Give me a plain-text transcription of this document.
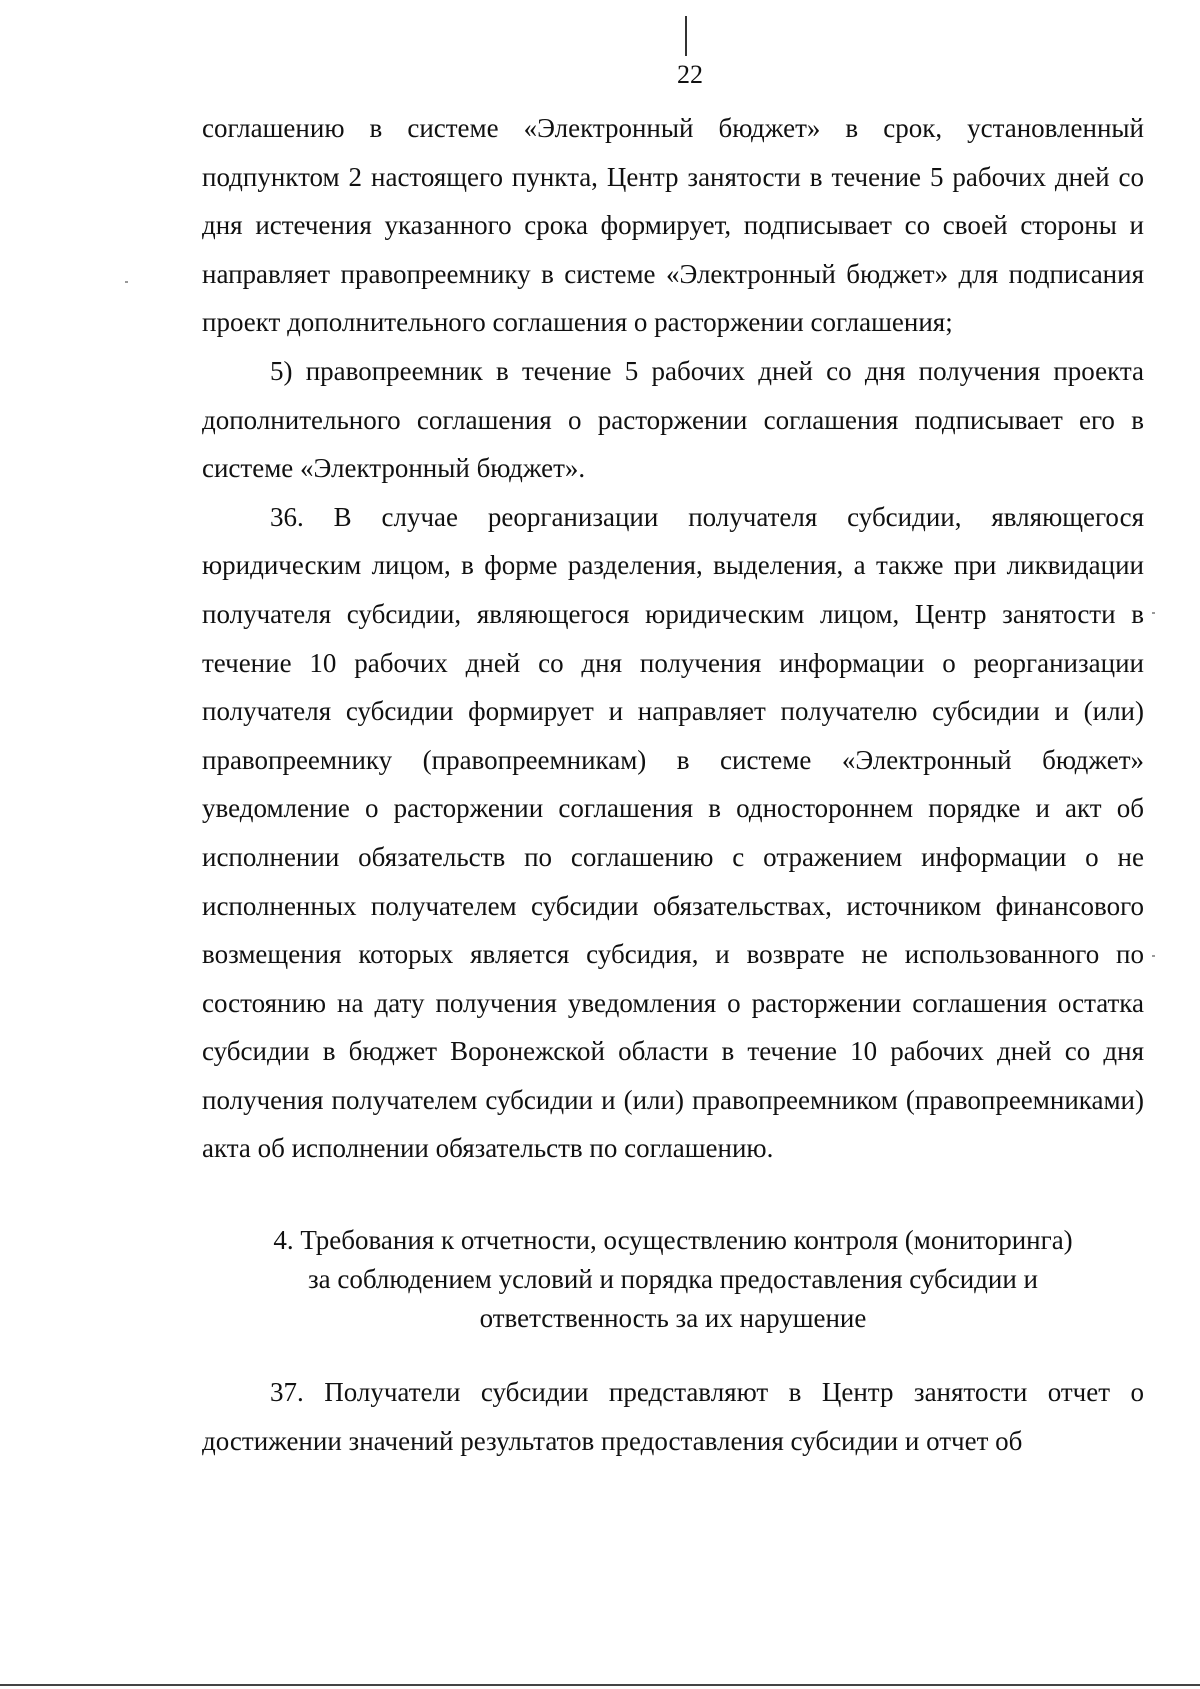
22

соглашению в системе «Электронный бюджет» в срок, установленный подпунктом 2 настоящего пункта, Центр занятости в течение 5 рабочих дней со дня истечения указанного срока формирует, подписывает со своей стороны и направляет правопреемнику в системе «Электронный бюджет» для подписания проект дополнительного соглашения о расторжении соглашения;

5) правопреемник в течение 5 рабочих дней со дня получения проекта дополнительного соглашения о расторжении соглашения подписывает его в системе «Электронный бюджет».

36. В случае реорганизации получателя субсидии, являющегося юридическим лицом, в форме разделения, выделения, а также при ликвидации получателя субсидии, являющегося юридическим лицом, Центр занятости в течение 10 рабочих дней со дня получения информации о реорганизации получателя субсидии формирует и направляет получателю субсидии и (или) правопреемнику (правопреемникам) в системе «Электронный бюджет» уведомление о расторжении соглашения в одностороннем порядке и акт об исполнении обязательств по соглашению с отражением информации о не исполненных получателем субсидии обязательствах, источником финансового возмещения которых является субсидия, и возврате не использованного по состоянию на дату получения уведомления о расторжении соглашения остатка субсидии в бюджет Воронежской области в течение 10 рабочих дней со дня получения получателем субсидии и (или) правопреемником (правопреемниками) акта об исполнении обязательств по соглашению.

4. Требования к отчетности, осуществлению контроля (мониторинга)
за соблюдением условий и порядка предоставления субсидии и
ответственность за их нарушение

37. Получатели субсидии представляют в Центр занятости отчет о достижении значений результатов предоставления субсидии и отчет об
